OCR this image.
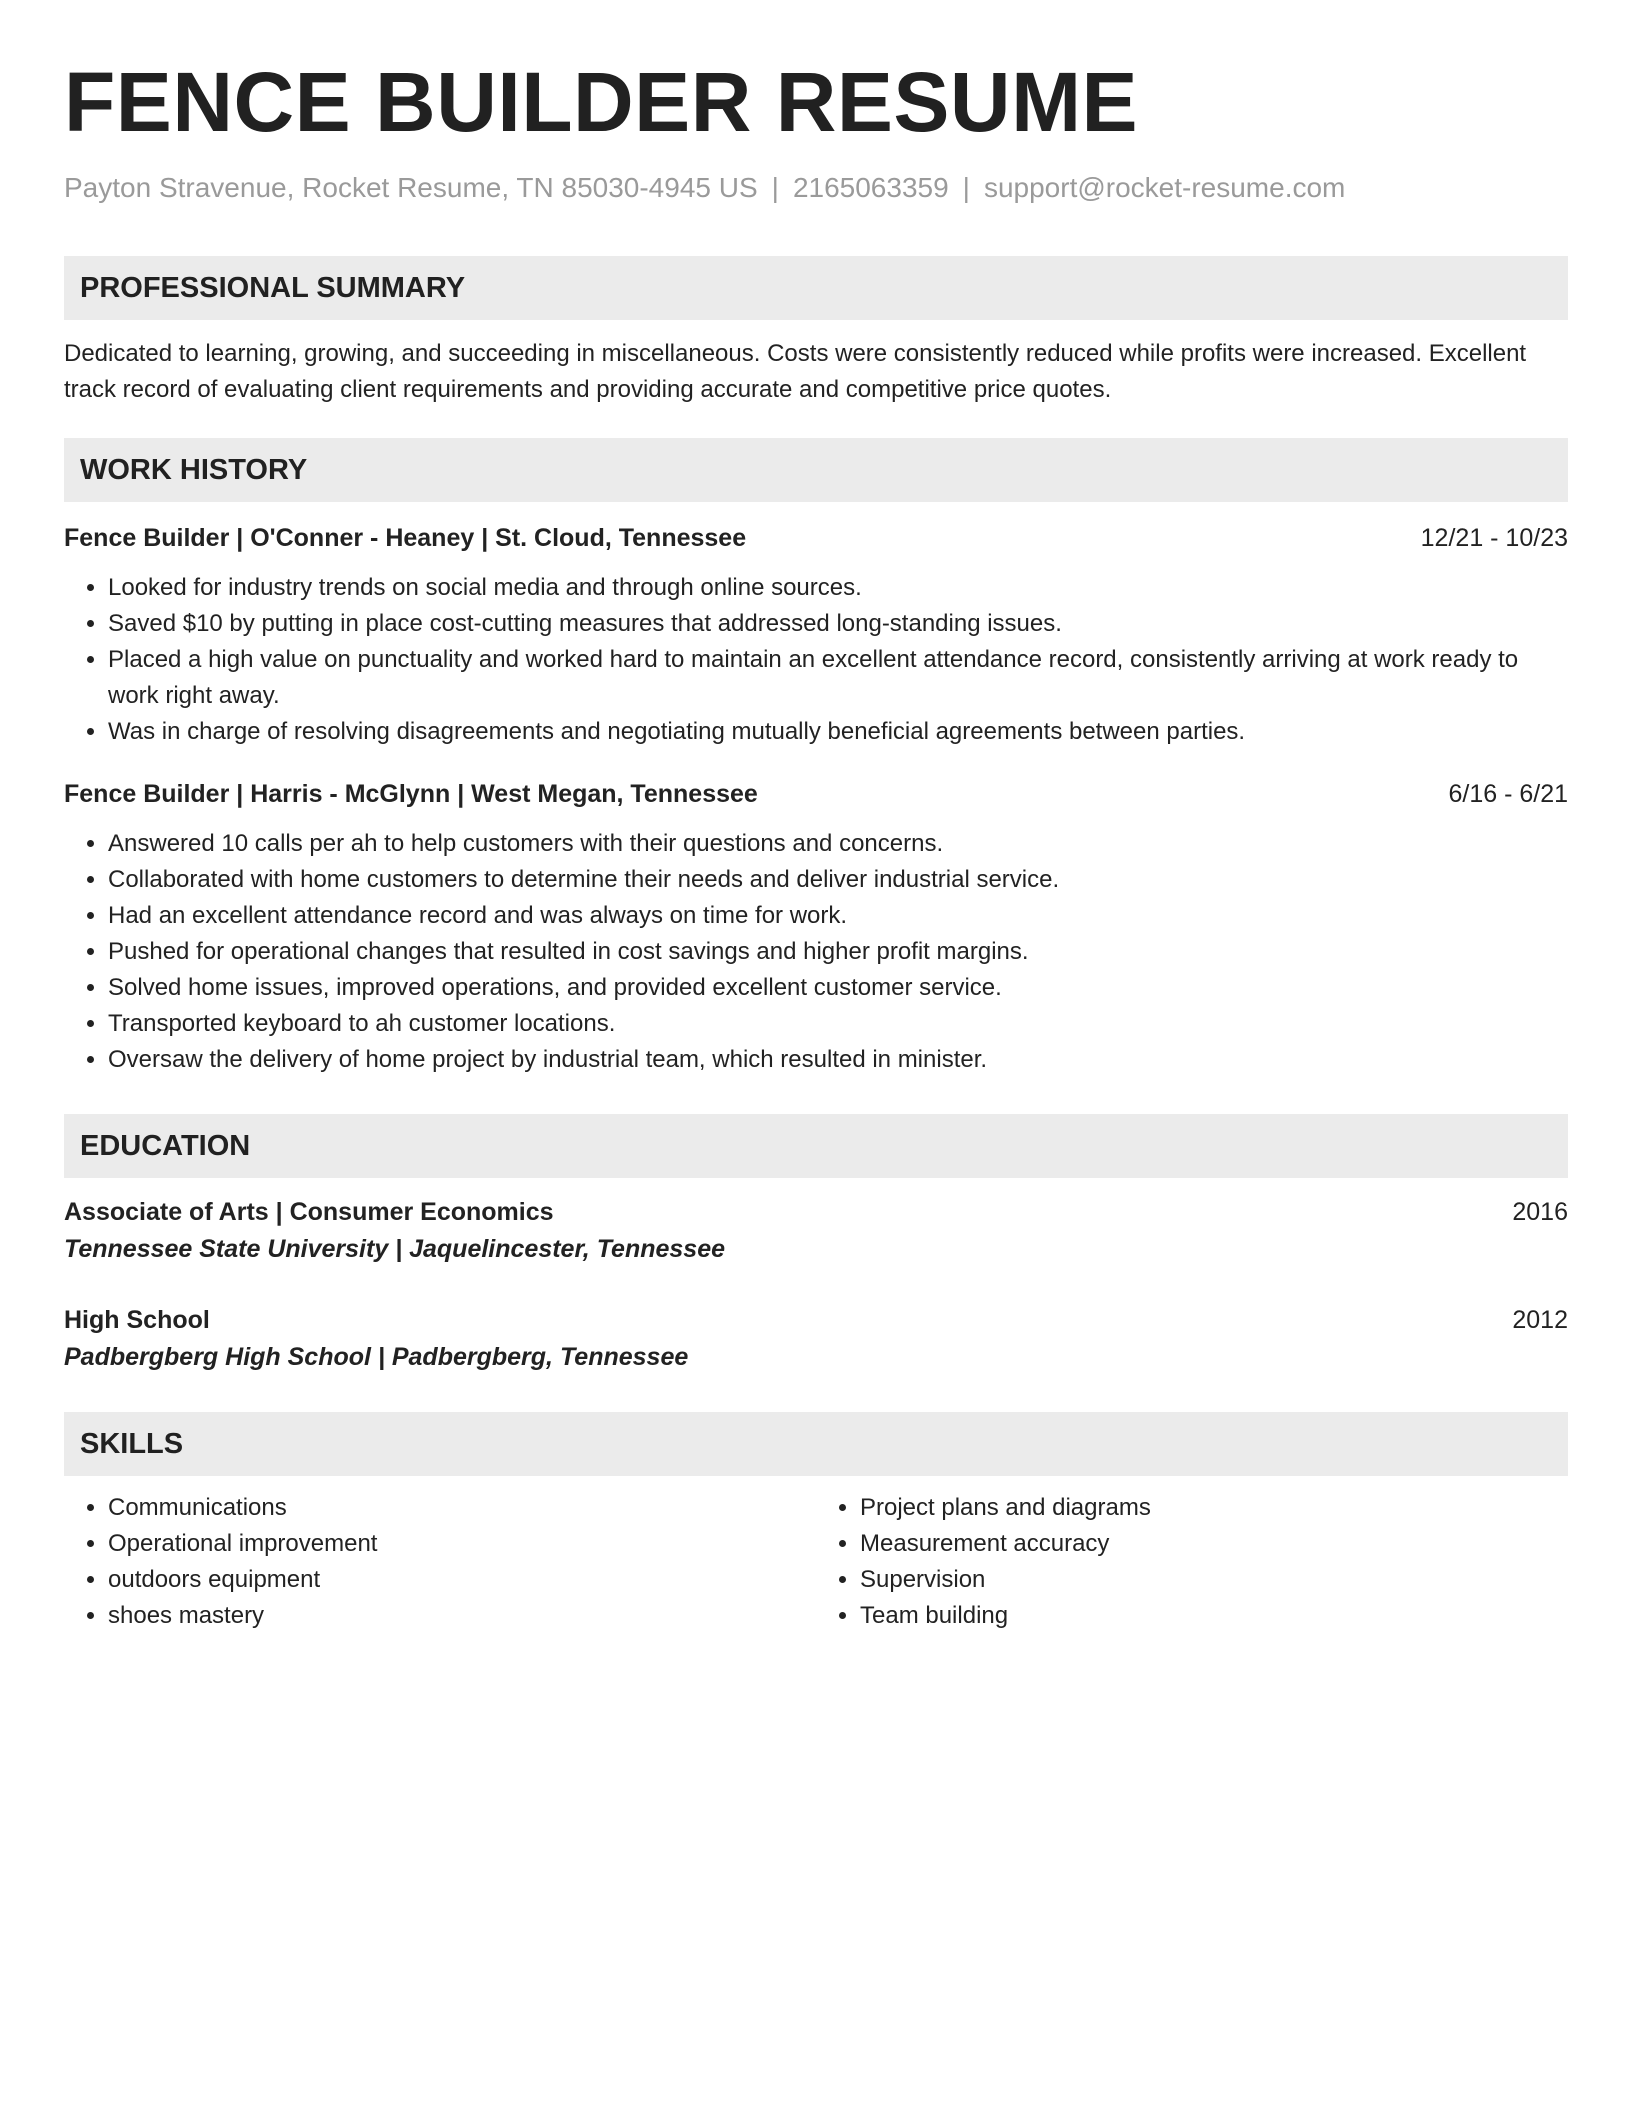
FENCE BUILDER RESUME
Payton Stravenue, Rocket Resume, TN 85030-4945 US | 2165063359 | support@rocket-resume.com
PROFESSIONAL SUMMARY

Dedicated to learning, growing, and succeeding in miscellaneous. Costs were consistently reduced while profits were increased. Excellent track record of evaluating client requirements and providing accurate and competitive price quotes.

WORK HISTORY
Fence Builder | O'Conner - Heaney | St. Cloud, Tennessee	12/21 - 10/23
• Looked for industry trends on social media and through online sources.
• Saved $10 by putting in place cost-cutting measures that addressed long-standing issues.
• Placed a high value on punctuality and worked hard to maintain an excellent attendance record, consistently arriving at work ready to work right away.
• Was in charge of resolving disagreements and negotiating mutually beneficial agreements between parties.
Fence Builder | Harris - McGlynn | West Megan, Tennessee	6/16 - 6/21
• Answered 10 calls per ah to help customers with their questions and concerns.
• Collaborated with home customers to determine their needs and deliver industrial service.
• Had an excellent attendance record and was always on time for work.
• Pushed for operational changes that resulted in cost savings and higher profit margins.
• Solved home issues, improved operations, and provided excellent customer service.
• Transported keyboard to ah customer locations.
• Oversaw the delivery of home project by industrial team, which resulted in minister.
EDUCATION
Associate of Arts | Consumer Economics	2016
Tennessee State University | Jaquelincester, Tennessee
High School	2012
Padbergberg High School | Padbergberg, Tennessee
SKILLS
• Communications
• Operational improvement
• outdoors equipment
• shoes mastery
• Project plans and diagrams
• Measurement accuracy
• Supervision
• Team building
